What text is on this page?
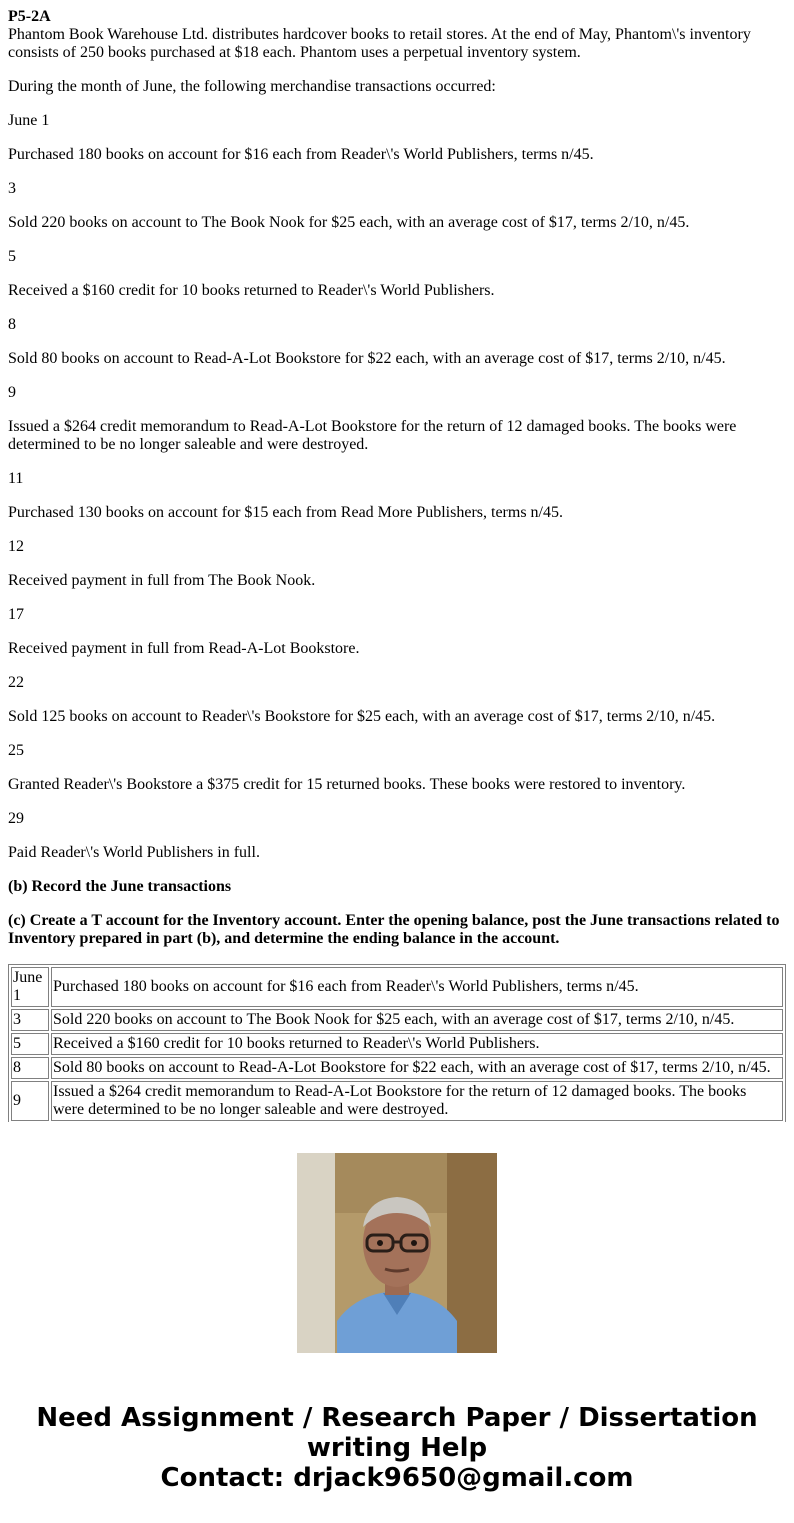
P5-2A

Phantom Book Warehouse Ltd. distributes hardcover books to retail stores. At the end of May, Phantom\'s inventory consists of 250 books purchased at $18 each. Phantom uses a perpetual inventory system.

During the month of June, the following merchandise transactions occurred:

June 1

Purchased 180 books on account for $16 each from Reader\'s World Publishers, terms n/45.

3

Sold 220 books on account to The Book Nook for $25 each, with an average cost of $17, terms 2/10, n/45.

5

Received a $160 credit for 10 books returned to Reader\'s World Publishers.

8

Sold 80 books on account to Read-A-Lot Bookstore for $22 each, with an average cost of $17, terms 2/10, n/45.

9

Issued a $264 credit memorandum to Read-A-Lot Bookstore for the return of 12 damaged books. The books were determined to be no longer saleable and were destroyed.

11

Purchased 130 books on account for $15 each from Read More Publishers, terms n/45.

12

Received payment in full from The Book Nook.

17

Received payment in full from Read-A-Lot Bookstore.

22

Sold 125 books on account to Reader\'s Bookstore for $25 each, with an average cost of $17, terms 2/10, n/45.

25

Granted Reader\'s Bookstore a $375 credit for 15 returned books. These books were restored to inventory.

29

Paid Reader\'s World Publishers in full.

(b) Record the June transactions

(c) Create a T account for the Inventory account. Enter the opening balance, post the June transactions related to Inventory prepared in part (b), and determine the ending balance in the account.

June 1	Purchased 180 books on account for $16 each from Reader\'s World Publishers, terms n/45.
3	Sold 220 books on account to The Book Nook for $25 each, with an average cost of $17, terms 2/10, n/45.
5	Received a $160 credit for 10 books returned to Reader\'s World Publishers.
8	Sold 80 books on account to Read-A-Lot Bookstore for $22 each, with an average cost of $17, terms 2/10, n/45.
9	Issued a $264 credit memorandum to Read-A-Lot Bookstore for the return of 12 damaged books. The books were determined to be no longer saleable and were destroyed.

Need Assignment / Research Paper / Dissertation
writing Help
Contact: drjack9650@gmail.com
